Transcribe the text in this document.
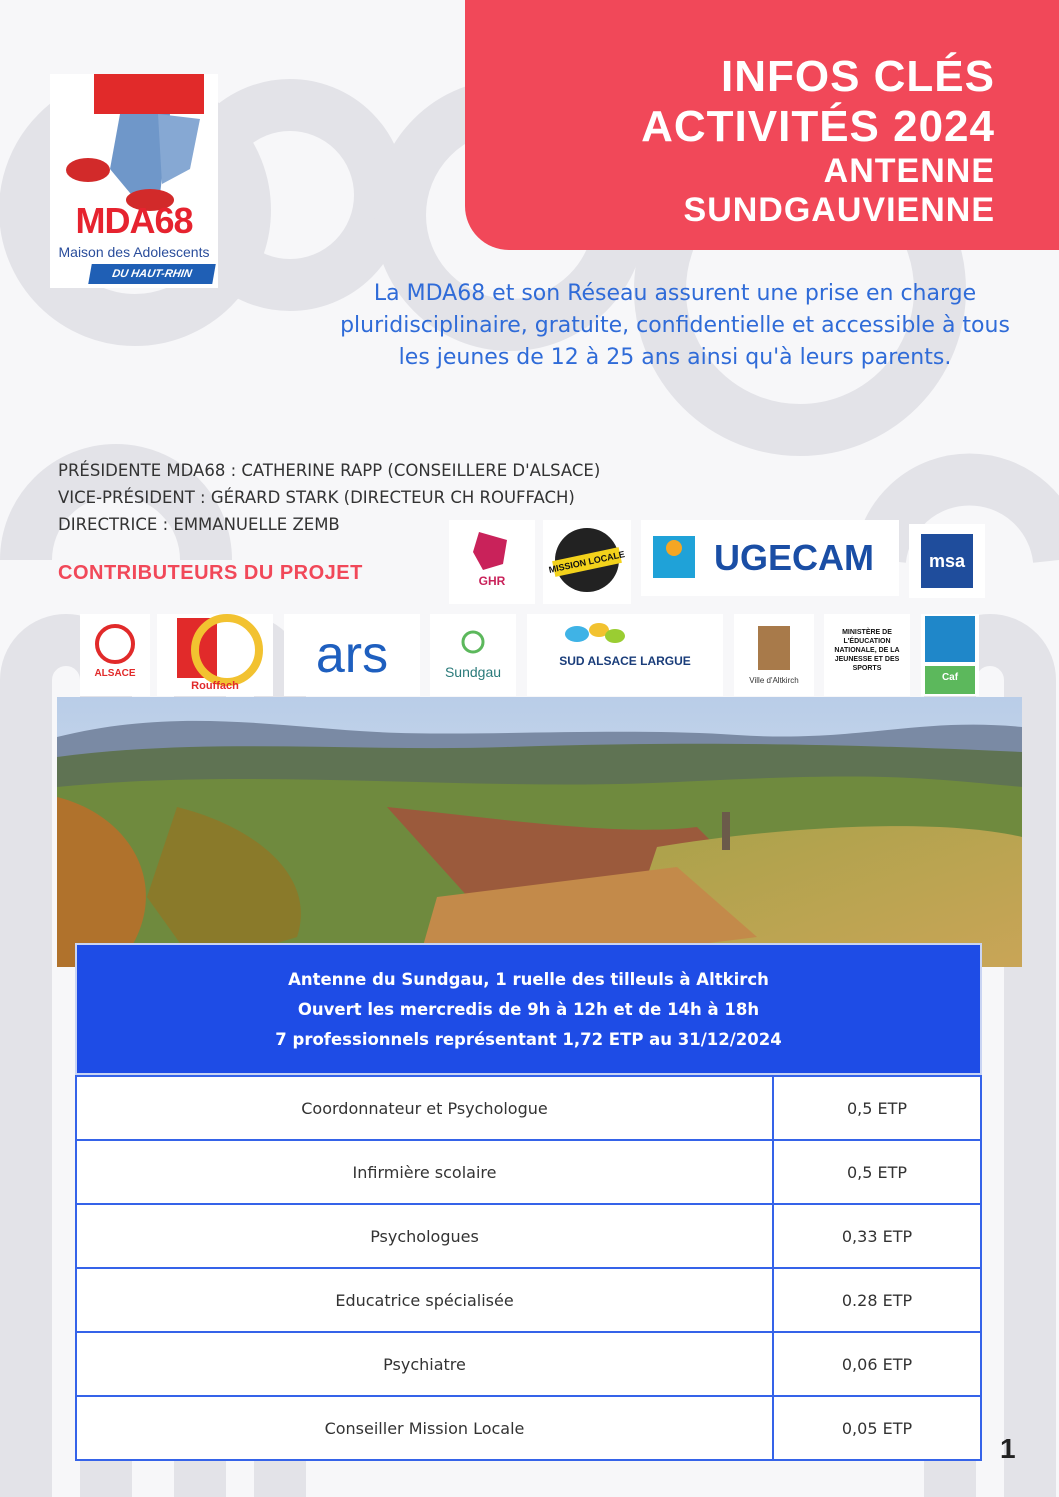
INFOS CLÉS
ACTIVITÉS 2024
ANTENNE
SUNDGAUVIENNE
MDA68
Maison des Adolescents
DU HAUT-RHIN
La MDA68 et son Réseau assurent une prise en charge pluridisciplinaire, gratuite, confidentielle et accessible à tous les jeunes de 12 à 25 ans ainsi qu'à leurs parents.
PRÉSIDENTE MDA68 : CATHERINE RAPP (CONSEILLERE D'ALSACE)
VICE-PRÉSIDENT : GÉRARD STARK (DIRECTEUR CH ROUFFACH)
DIRECTRICE : EMMANUELLE ZEMB
CONTRIBUTEURS DU PROJET	GHR
MISSION LOCALE UGECAM	msa
ALSACE
Rouffach
ars	Sundgau
SUD ALSACE LARGUE
Ville d'Altkirch
MINISTÈRE DE L'ÉDUCATION NATIONALE, DE LA JEUNESSE ET DES SPORTS
Caf
Antenne du Sundgau, 1 ruelle des tilleuls à Altkirch
Ouvert les mercredis de 9h à 12h et de 14h à 18h
7 professionnels représentant 1,72 ETP au 31/12/2024
Coordonnateur et Psychologue	0,5 ETP
Infirmière scolaire	0,5 ETP
Psychologues	0,33 ETP
Educatrice spécialisée	0.28 ETP
Psychiatre	0,06 ETP
Conseiller Mission Locale	0,05 ETP
1
